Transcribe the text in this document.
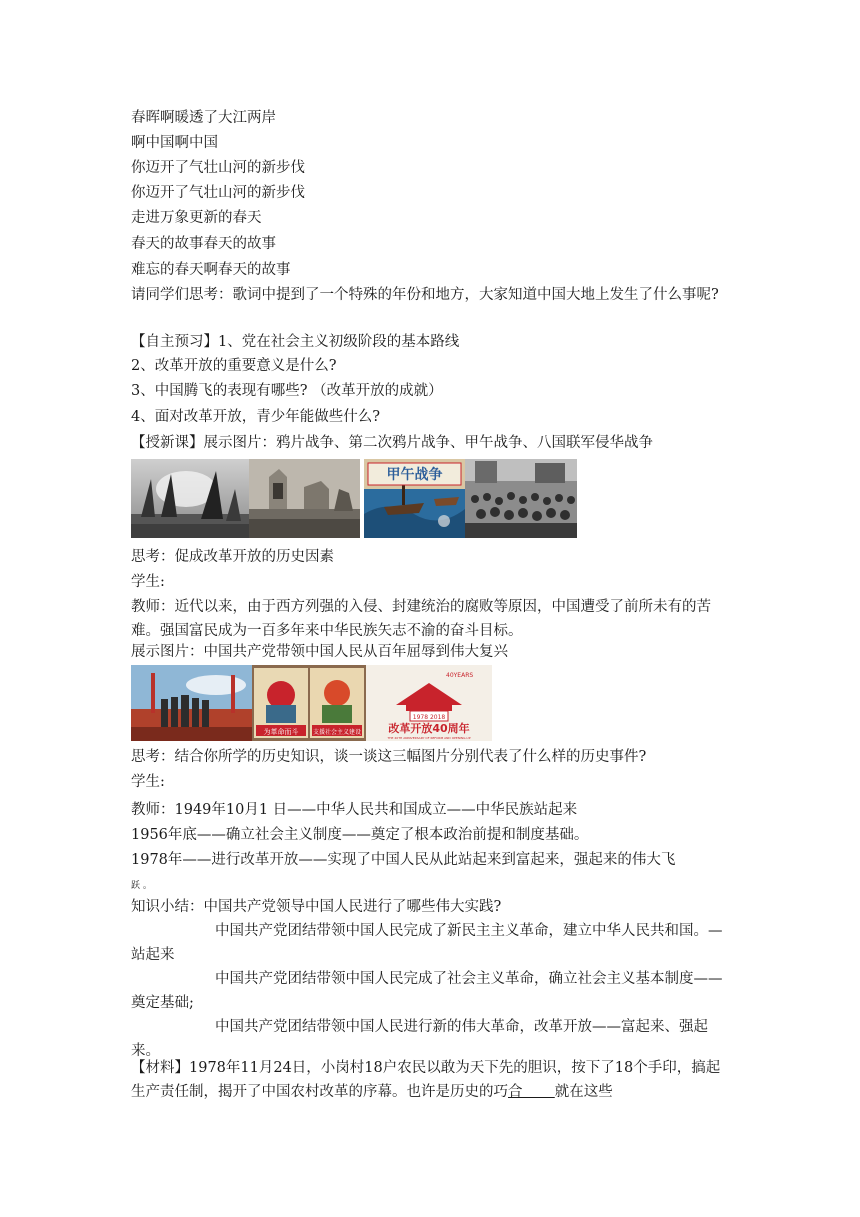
春晖啊暖透了大江两岸
啊中国啊中国
你迈开了气壮山河的新步伐
你迈开了气壮山河的新步伐
走进万象更新的春天
春天的故事春天的故事
难忘的春天啊春天的故事
请同学们思考：歌词中提到了一个特殊的年份和地方，大家知道中国大地上发生了什么事呢?
【自主预习】1、党在社会主义初级阶段的基本路线
2、改革开放的重要意义是什么?
3、中国腾飞的表现有哪些? （改革开放的成就）
4、面对改革开放，青少年能做些什么?
【授新课】展示图片：鸦片战争、第二次鸦片战争、甲午战争、八国联军侵华战争
甲午战争
思考：促成改革开放的历史因素
学生:
教师：近代以来，由于西方列强的入侵、封建统治的腐败等原因，中国遭受了前所未有的苦难。强国富民成为一百多年来中华民族矢志不渝的奋斗目标。
展示图片：中国共产党带领中国人民从百年屈辱到伟大复兴
为革命而斗 支援社会主义建设
40YEARS
1978 2018
改革开放40周年
THE 40TH ANNIVERSARY OF REFORM AND OPENING-UP
思考：结合你所学的历史知识，谈一谈这三幅图片分别代表了什么样的历史事件?
学生:
教师：1949年10月1 日——中华人民共和国成立——中华民族站起来
1956年底——确立社会主义制度——奠定了根本政治前提和制度基础。
1978年——进行改革开放——实现了中国人民从此站起来到富起来，强起来的伟大飞
跃 。
知识小结：中国共产党领导中国人民进行了哪些伟大实践?
中国共产党团结带领中国人民完成了新民主主义革命，建立中华人民共和国。—站起来
中国共产党团结带领中国人民完成了社会主义革命，确立社会主义基本制度——奠定基础;
中国共产党团结带领中国人民进行新的伟大革命，改革开放——富起来、强起来。
【材料】1978年11月24日，小岗村18户农民以敢为天下先的胆识，按下了18个手印，搞起生产责任制，揭开了中国农村改革的序幕。也许是历史的巧合 就在这些
